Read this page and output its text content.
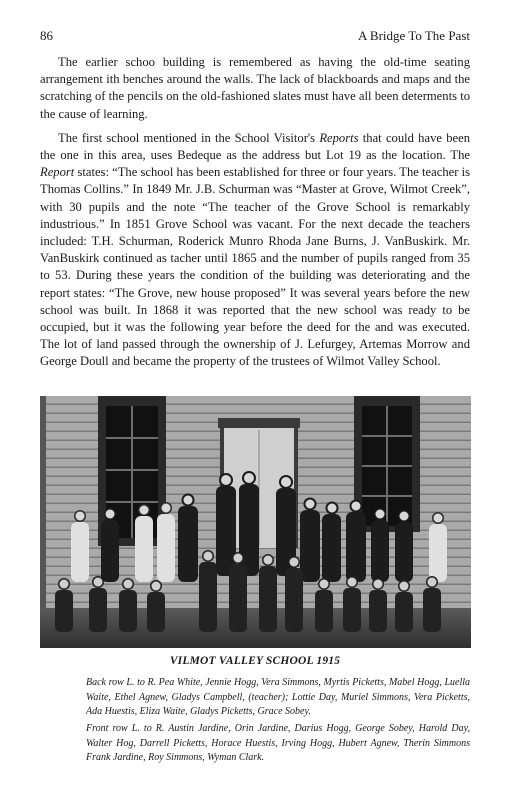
86	A Bridge To The Past

The earlier schoo building is remembered as having the old-time seating arrangement ith benches around the walls. The lack of blackboards and maps and the scratching of the pencils on the old-fashioned slates must have all been determents to the cause of learning.

The first school mentioned in the School Visitor's Reports that could have been the one in this area, uses Bedeque as the address but Lot 19 as the location. The Report states: “The school has been established for three or four years. The teacher is Thomas Collins.” In 1849 Mr. J.B. Schurman was “Master at Grove, Wilmot Creek”, with 30 pupils and the note “The teacher of the Grove School is remarkably industrious.” In 1851 Grove School was vacant. For the next decade the teachers included: T.H. Schurman, Roderick Munro Rhoda Jane Burns, J. VanBuskirk. Mr. VanBuskirk continued as tacher until 1865 and the number of pupils ranged from 35 to 53. During these years the condition of the building was deteriorating and the report states: “The Grove, new house proposed” It was several years before the new school was built. In 1868 it was reported that the new school was ready to be occupied, but it was the following year before the deed for the and was executed. The lot of land passed through the ownership of J. Lefurgey, Artemas Morrow and George Doull and became the property of the trustees of Wilmot Valley School.

VILMOT VALLEY SCHOOL 1915
Back row L. to R. Pea White, Jennie Hogg, Vera Simmons, Myrtis Picketts, Mabel Hogg, Luella Waite, Ethel Agnew, Gladys Campbell, (teacher); Lottie Day, Muriel Simmons, Vera Picketts, Ada Huestis, Eliza Waite, Gladys Picketts, Grace Sobey.
Front row L. to R. Austin Jardine, Orin Jardine, Darius Hogg, George Sobey, Harold Day, Walter Hog, Darrell Picketts, Horace Huestis, Irving Hogg, Hubert Agnew, Therin Simmons Frank Jardine, Roy Simmons, Wyman Clark.
